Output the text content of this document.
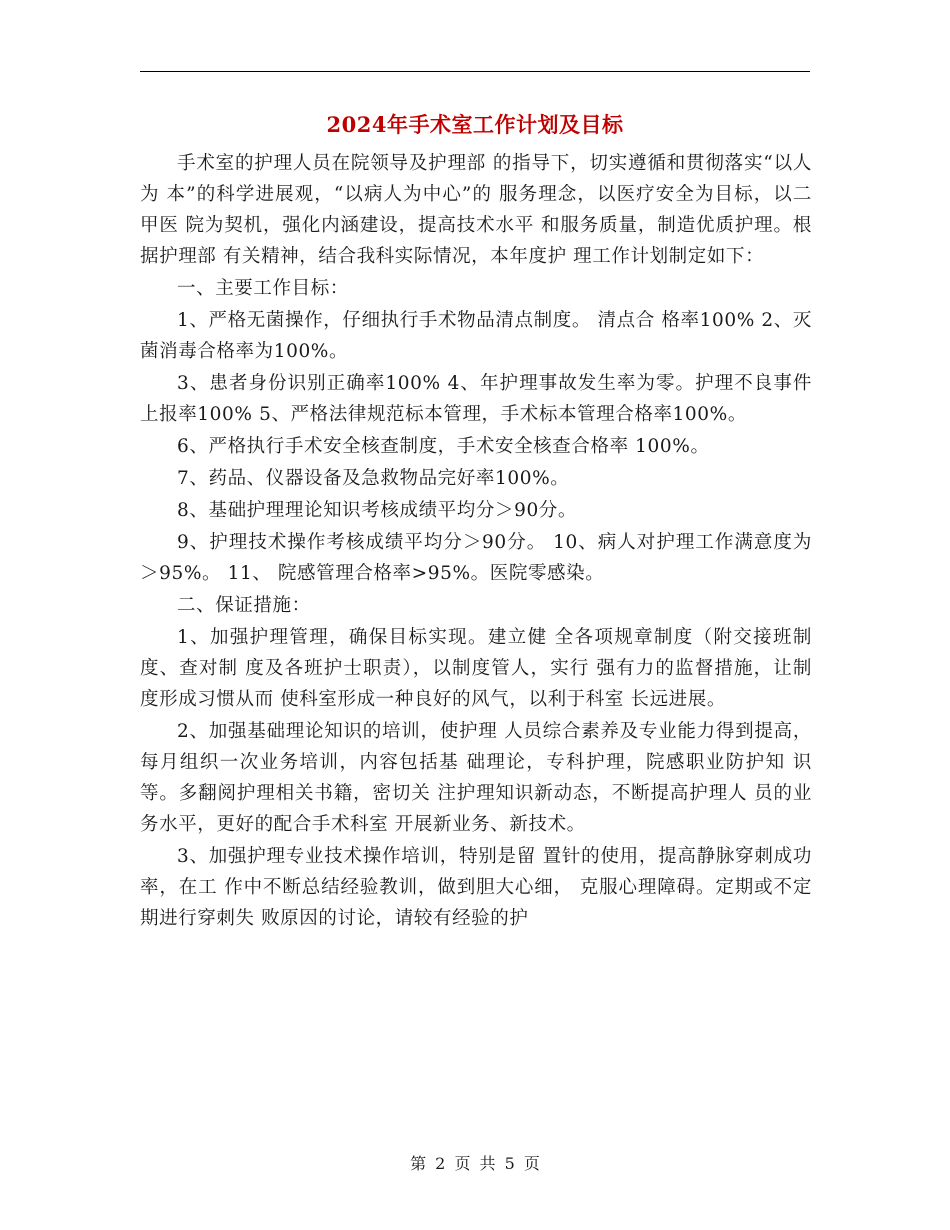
2024年手术室工作计划及目标

手术室的护理人员在院领导及护理部 的指导下，切实遵循和贯彻落实“以人为 本”的科学进展观，“以病人为中心”的 服务理念，以医疗安全为目标，以二甲医 院为契机，强化内涵建设，提高技术水平 和服务质量，制造优质护理。根据护理部 有关精神，结合我科实际情况，本年度护 理工作计划制定如下：

一、主要工作目标：

1、严格无菌操作，仔细执行手术物品清点制度。 清点合 格率100% 2、灭菌消毒合格率为100%。

3、患者身份识别正确率100% 4、年护理事故发生率为零。护理不良事件上报率100% 5、严格法律规范标本管理，手术标本管理合格率100%。

6、严格执行手术安全核查制度，手术安全核查合格率 100%。

7、药品、仪器设备及急救物品完好率100%。

8、基础护理理论知识考核成绩平均分＞90分。

9、护理技术操作考核成绩平均分＞90分。 10、病人对护理工作满意度为＞95%。 11、 院感管理合格率>95%。医院零感染。

二、保证措施：

1、加强护理管理，确保目标实现。建立健 全各项规章制度（附交接班制度、查对制 度及各班护士职责），以制度管人，实行 强有力的监督措施，让制度形成习惯从而 使科室形成一种良好的风气，以利于科室 长远进展。

2、加强基础理论知识的培训，使护理 人员综合素养及专业能力得到提高， 每月组织一次业务培训，内容包括基 础理论，专科护理，院感职业防护知 识等。多翻阅护理相关书籍，密切关 注护理知识新动态，不断提高护理人 员的业务水平，更好的配合手术科室 开展新业务、新技术。

3、加强护理专业技术操作培训，特别是留 置针的使用，提高静脉穿刺成功率，在工 作中不断总结经验教训，做到胆大心细， 克服心理障碍。定期或不定期进行穿刺失 败原因的讨论，请较有经验的护

第 2 页 共 5 页
